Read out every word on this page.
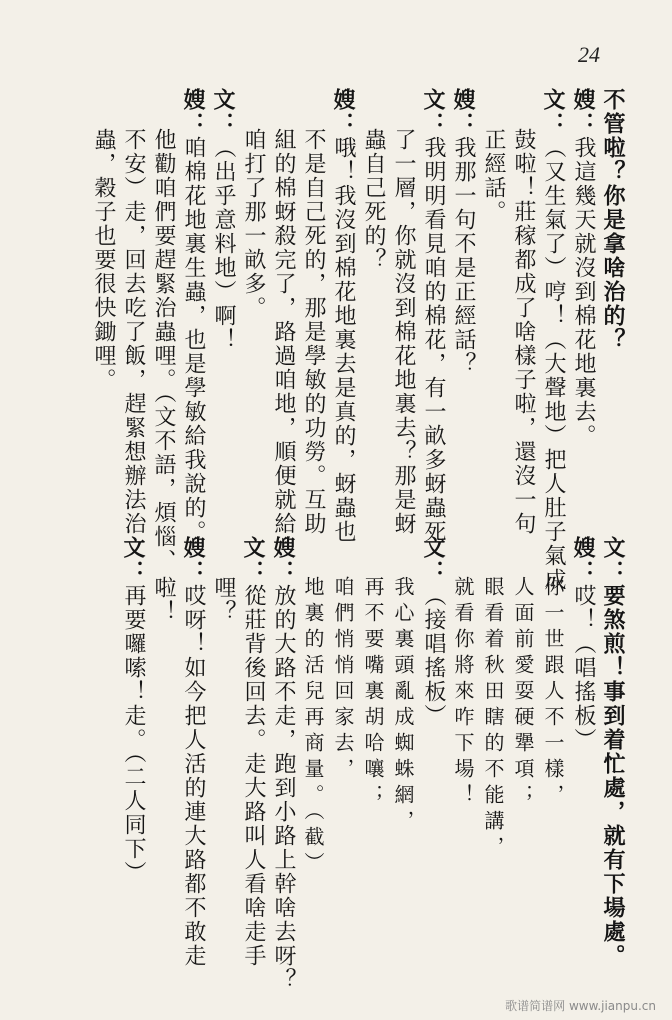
24
不管啦？你是拿啥治的？
嫂：我這幾天就沒到棉花地裏去。
文：（又生氣了）哼！（大聲地）把人肚子氣成
鼓啦！莊稼都成了啥樣子啦，還沒一句
正經話。
嫂：我那一句不是正經話？
文：我明明看見咱的棉花，有一畝多蚜蟲死
了一層，你就沒到棉花地裏去？那是蚜
蟲自己死的？
嫂：哦！我沒到棉花地裏去是真的，蚜蟲也
不是自己死的，那是學敏的功勞。互助
組的棉蚜殺完了，路過咱地，順便就給
咱打了那一畝多。
文：（出乎意料地）啊！
嫂：咱棉花地裏生蟲，也是學敏給我說的。
他勸咱們要趕緊治蟲哩。（文不語，煩惱、
不安）走，回去吃了飯，趕緊想辦法治
蟲，穀子也要很快鋤哩。
文：要煞煎！事到着忙處，就有下場處。
嫂：哎！（唱搖板）
你一世跟人不一樣，
人面前愛耍硬犟項；
眼看着秋田瞎的不能講，
就看你將來咋下場！
文：（接唱搖板）
我心裏頭亂成蜘蛛網，
再不要嘴裏胡哈嚷；
咱們悄悄回家去，
地裏的活兒再商量。（截）
嫂：放的大路不走，跑到小路上幹啥去呀？
文：從莊背後回去。走大路叫人看啥走手
哩？
嫂：哎呀！如今把人活的連大路都不敢走
啦！
文：再要囉嗦！走。（二人同下）
歌谱简谱网 www.jianpu.cn
